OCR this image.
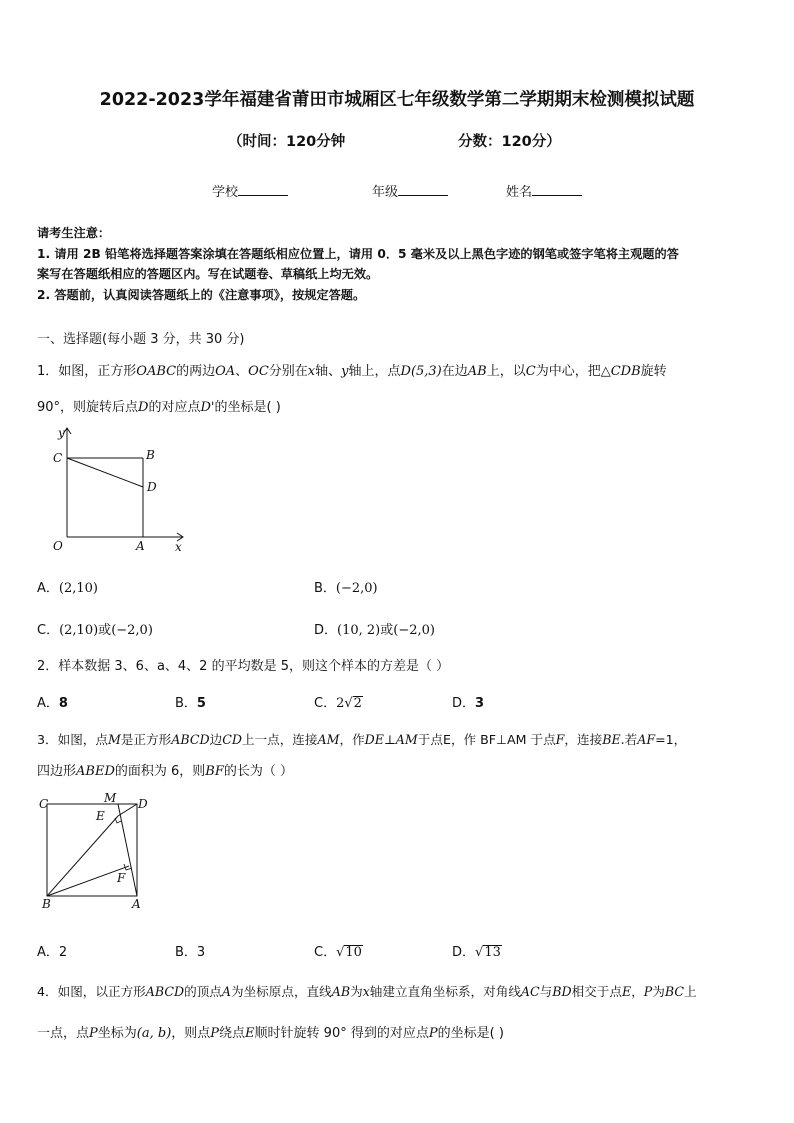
2022-2023学年福建省莆田市城厢区七年级数学第二学期期末检测模拟试题
（时间：120分钟	分数：120分）
学校	年级	姓名
请考生注意：
1. 请用 2B 铅笔将选择题答案涂填在答题纸相应位置上，请用 0．5 毫米及以上黑色字迹的钢笔或签字笔将主观题的答
案写在答题纸相应的答题区内。写在试题卷、草稿纸上均无效。
2. 答题前，认真阅读答题纸上的《注意事项》，按规定答题。
一、选择题(每小题 3 分，共 30 分)
1．如图，正方形OABC的两边OA、OC分别在x轴、y轴上，点D(5,3)在边AB上，以C为中心，把△CDB旋转
90°，则旋转后点D的对应点D'的坐标是( )
y
x
O	A
B
C
D
A．(2,10)	B．(−2,0)
C．(2,10)或(−2,0)	D．(10, 2)或(−2,0)
2．样本数据 3、6、a、4、2 的平均数是 5，则这个样本的方差是（ ）
A．8	B．5	C．2√2	D．3
3．如图，点M是正方形ABCD边CD上一点，连接AM，作DE⊥AM于点E，作 BF⊥AM 于点F，连接BE.若AF=1，
四边形ABED的面积为 6，则BF的长为（ ）
C	M D
E
F
B	A
A．2	B．3	C．√10	D．√13
4．如图，以正方形ABCD的顶点A为坐标原点，直线AB为x轴建立直角坐标系，对角线AC与BD相交于点E，P为BC上
一点，点P坐标为(a, b)，则点P绕点E顺时针旋转 90° 得到的对应点P的坐标是( )
